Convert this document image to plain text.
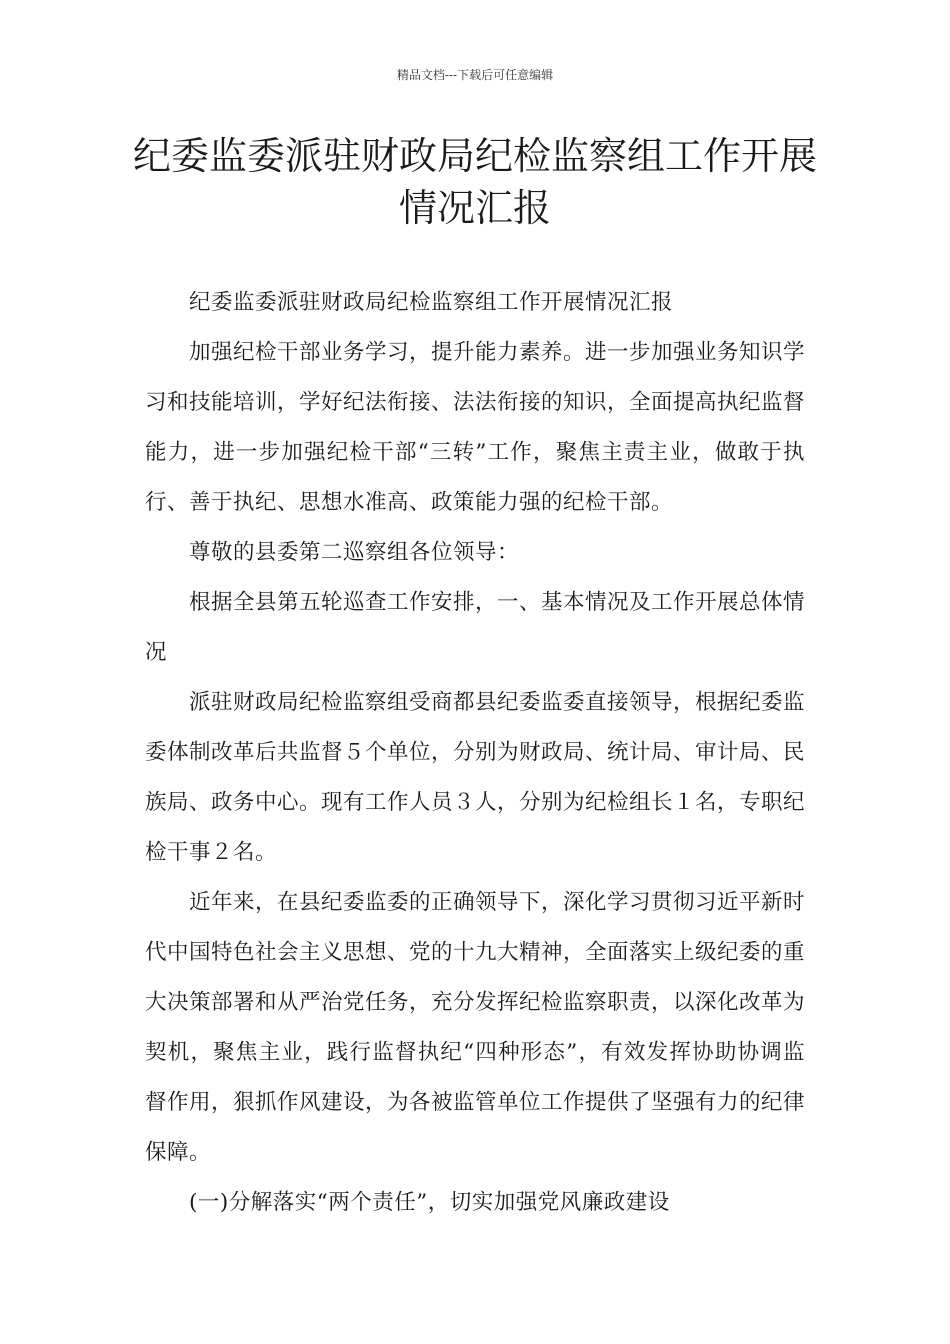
精品文档---下载后可任意编辑
纪委监委派驻财政局纪检监察组工作开展情况汇报

纪委监委派驻财政局纪检监察组工作开展情况汇报

加强纪检干部业务学习，提升能力素养。进一步加强业务知识学习和技能培训，学好纪法衔接、法法衔接的知识，全面提高执纪监督能力，进一步加强纪检干部“三转”工作，聚焦主责主业，做敢于执行、善于执纪、思想水准高、政策能力强的纪检干部。

尊敬的县委第二巡察组各位领导：

根据全县第五轮巡查工作安排，一、基本情况及工作开展总体情况

派驻财政局纪检监察组受商都县纪委监委直接领导，根据纪委监委体制改革后共监督５个单位，分别为财政局、统计局、审计局、民族局、政务中心。现有工作人员３人，分别为纪检组长１名，专职纪检干事２名。

近年来，在县纪委监委的正确领导下，深化学习贯彻习近平新时代中国特色社会主义思想、党的十九大精神，全面落实上级纪委的重大决策部署和从严治党任务，充分发挥纪检监察职责，以深化改革为契机，聚焦主业，践行监督执纪“四种形态”，有效发挥协助协调监督作用，狠抓作风建设，为各被监管单位工作提供了坚强有力的纪律保障。

(一)分解落实“两个责任”，切实加强党风廉政建设
